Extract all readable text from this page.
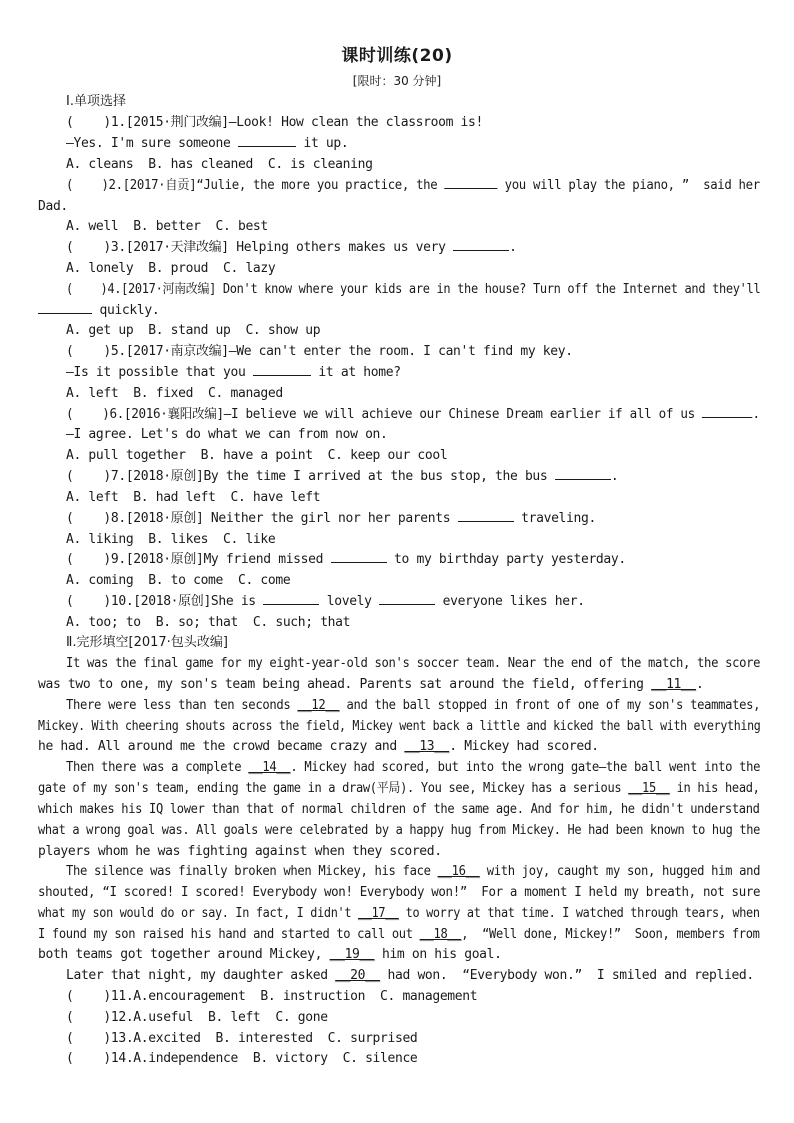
课时训练(20)
[限时：30 分钟]
Ⅰ.单项选择
(    )1.[2015·荆门改编]—Look! How clean the classroom is!
—Yes. I'm sure someone	it up.
A. cleans  B. has cleaned  C. is cleaning
(    )2.[2017·自贡]“Julie, the more you practice, the	you will play the piano, ”  said her
Dad.
A. well  B. better  C. best
(    )3.[2017·天津改编] Helping others makes us very	.
A. lonely  B. proud  C. lazy
(    )4.[2017·河南改编] Don't know where your kids are in the house? Turn off the Internet and they'll
quickly.
A. get up  B. stand up  C. show up
(    )5.[2017·南京改编]—We can't enter the room. I can't find my key.
—Is it possible that you	it at home?
A. left  B. fixed  C. managed
(    )6.[2016·襄阳改编]—I believe we will achieve our Chinese Dream earlier if all of us	.
—I agree. Let's do what we can from now on.
A. pull together  B. have a point  C. keep our cool
(    )7.[2018·原创]By the time I arrived at the bus stop, the bus	.
A. left  B. had left  C. have left
(    )8.[2018·原创] Neither the girl nor her parents	traveling.
A. liking  B. likes  C. like
(    )9.[2018·原创]My friend missed	to my birthday party yesterday.
A. coming  B. to come  C. come
(    )10.[2018·原创]She is	lovely	everyone likes her.
A. too; to  B. so; that  C. such; that
Ⅱ.完形填空[2017·包头改编]
It was the final game for my eight-year-old son's soccer team. Near the end of the match, the score
was two to one, my son's team being ahead. Parents sat around the field, offering __11__.
There were less than ten seconds __12__ and the ball stopped in front of one of my son's teammates,
Mickey. With cheering shouts across the field, Mickey went back a little and kicked the ball with everything
he had. All around me the crowd became crazy and __13__. Mickey had scored.
Then there was a complete __14__. Mickey had scored, but into the wrong gate—the ball went into the
gate of my son's team, ending the game in a draw(平局). You see, Mickey has a serious __15__ in his head,
which makes his IQ lower than that of normal children of the same age. And for him, he didn't understand
what a wrong goal was. All goals were celebrated by a happy hug from Mickey. He had been known to hug the
players whom he was fighting against when they scored.
The silence was finally broken when Mickey, his face __16__ with joy, caught my son, hugged him and
shouted, “I scored! I scored! Everybody won! Everybody won!”  For a moment I held my breath, not sure
what my son would do or say. In fact, I didn't __17__ to worry at that time. I watched through tears, when
I found my son raised his hand and started to call out __18__,  “Well done, Mickey!”  Soon, members from
both teams got together around Mickey, __19__ him on his goal.
Later that night, my daughter asked __20__ had won.  “Everybody won.”  I smiled and replied.
(    )11.A.encouragement  B. instruction  C. management
(    )12.A.useful  B. left  C. gone
(    )13.A.excited  B. interested  C. surprised
(    )14.A.independence  B. victory  C. silence
